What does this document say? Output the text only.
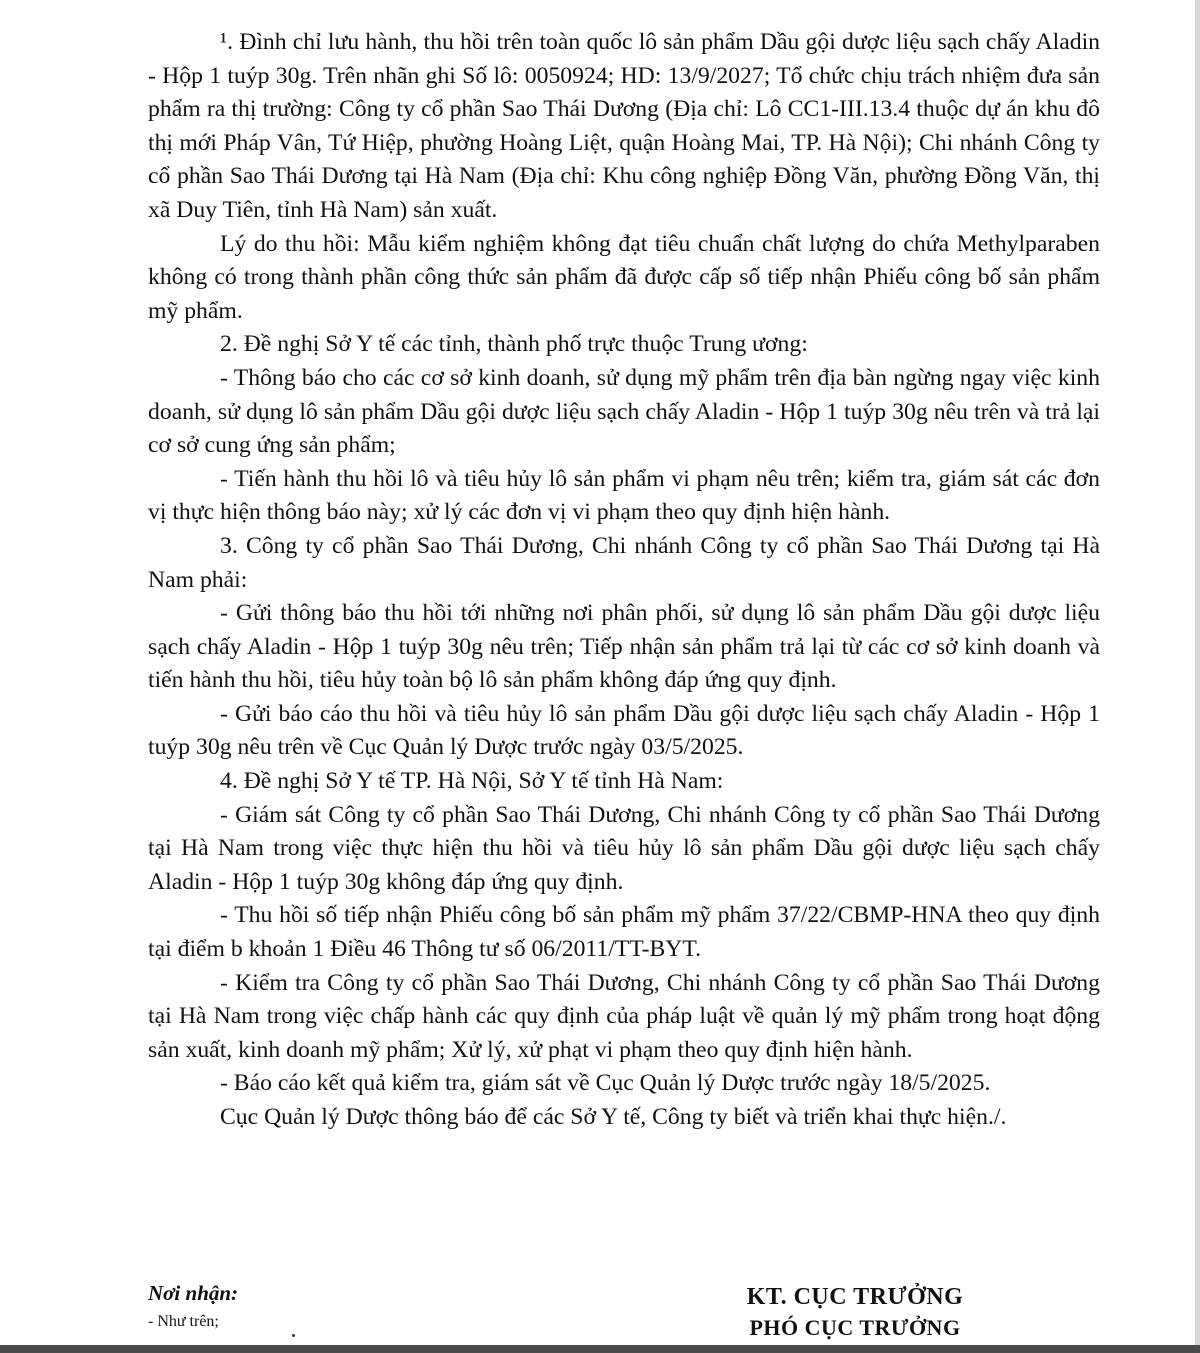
¹. Đình chỉ lưu hành, thu hồi trên toàn quốc lô sản phẩm Dầu gội dược liệu sạch chấy Aladin - Hộp 1 tuýp 30g. Trên nhãn ghi Số lô: 0050924; HD: 13/9/2027; Tổ chức chịu trách nhiệm đưa sản phẩm ra thị trường: Công ty cổ phần Sao Thái Dương (Địa chỉ: Lô CC1-III.13.4 thuộc dự án khu đô thị mới Pháp Vân, Tứ Hiệp, phường Hoàng Liệt, quận Hoàng Mai, TP. Hà Nội); Chi nhánh Công ty cổ phần Sao Thái Dương tại Hà Nam (Địa chỉ: Khu công nghiệp Đồng Văn, phường Đồng Văn, thị xã Duy Tiên, tỉnh Hà Nam) sản xuất.

Lý do thu hồi: Mẫu kiểm nghiệm không đạt tiêu chuẩn chất lượng do chứa Methylparaben không có trong thành phần công thức sản phẩm đã được cấp số tiếp nhận Phiếu công bố sản phẩm mỹ phẩm.

2. Đề nghị Sở Y tế các tỉnh, thành phố trực thuộc Trung ương:

- Thông báo cho các cơ sở kinh doanh, sử dụng mỹ phẩm trên địa bàn ngừng ngay việc kinh doanh, sử dụng lô sản phẩm Dầu gội dược liệu sạch chấy Aladin - Hộp 1 tuýp 30g nêu trên và trả lại cơ sở cung ứng sản phẩm;

- Tiến hành thu hồi lô và tiêu hủy lô sản phẩm vi phạm nêu trên; kiểm tra, giám sát các đơn vị thực hiện thông báo này; xử lý các đơn vị vi phạm theo quy định hiện hành.

3. Công ty cổ phần Sao Thái Dương, Chi nhánh Công ty cổ phần Sao Thái Dương tại Hà Nam phải:

- Gửi thông báo thu hồi tới những nơi phân phối, sử dụng lô sản phẩm Dầu gội dược liệu sạch chấy Aladin - Hộp 1 tuýp 30g nêu trên; Tiếp nhận sản phẩm trả lại từ các cơ sở kinh doanh và tiến hành thu hồi, tiêu hủy toàn bộ lô sản phẩm không đáp ứng quy định.

- Gửi báo cáo thu hồi và tiêu hủy lô sản phẩm Dầu gội dược liệu sạch chấy Aladin - Hộp 1 tuýp 30g nêu trên về Cục Quản lý Dược trước ngày 03/5/2025.

4. Đề nghị Sở Y tế TP. Hà Nội, Sở Y tế tỉnh Hà Nam:

- Giám sát Công ty cổ phần Sao Thái Dương, Chi nhánh Công ty cổ phần Sao Thái Dương tại Hà Nam trong việc thực hiện thu hồi và tiêu hủy lô sản phẩm Dầu gội dược liệu sạch chấy Aladin - Hộp 1 tuýp 30g không đáp ứng quy định.

- Thu hồi số tiếp nhận Phiếu công bố sản phẩm mỹ phẩm 37/22/CBMP-HNA theo quy định tại điểm b khoản 1 Điều 46 Thông tư số 06/2011/TT-BYT.

- Kiểm tra Công ty cổ phần Sao Thái Dương, Chi nhánh Công ty cổ phần Sao Thái Dương tại Hà Nam trong việc chấp hành các quy định của pháp luật về quản lý mỹ phẩm trong hoạt động sản xuất, kinh doanh mỹ phẩm; Xử lý, xử phạt vi phạm theo quy định hiện hành.

- Báo cáo kết quả kiểm tra, giám sát về Cục Quản lý Dược trước ngày 18/5/2025.

Cục Quản lý Dược thông báo để các Sở Y tế, Công ty biết và triển khai thực hiện./.

Nơi nhận:

- Như trên;

KT. CỤC TRƯỞNG

PHÓ CỤC TRƯỞNG
